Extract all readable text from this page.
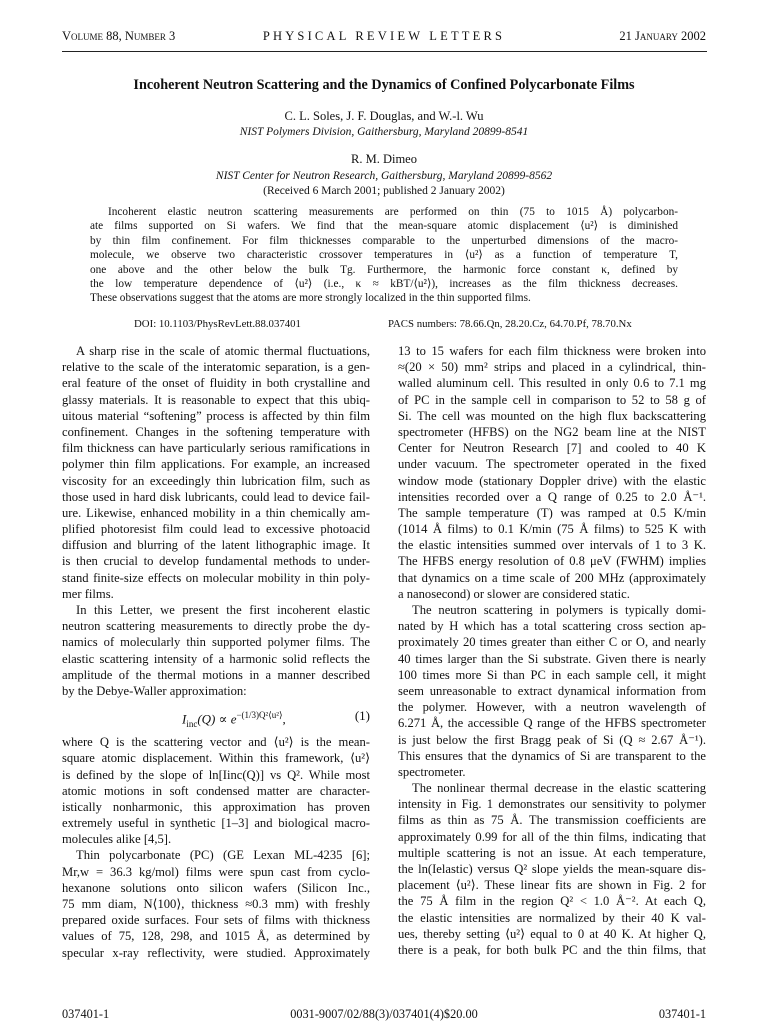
Volume 88, Number 3	PHYSICAL REVIEW LETTERS	21 January 2002
Incoherent Neutron Scattering and the Dynamics of Confined Polycarbonate Films
C. L. Soles, J. F. Douglas, and W.-l. Wu
NIST Polymers Division, Gaithersburg, Maryland 20899-8541
R. M. Dimeo
NIST Center for Neutron Research, Gaithersburg, Maryland 20899-8562
(Received 6 March 2001; published 2 January 2002)
Incoherent elastic neutron scattering measurements are performed on thin (75 to 1015 Å) polycarbon-
ate films supported on Si wafers. We find that the mean-square atomic displacement ⟨u²⟩ is diminished
by thin film confinement. For film thicknesses comparable to the unperturbed dimensions of the macro-
molecule, we observe two characteristic crossover temperatures in ⟨u²⟩ as a function of temperature T,
one above and the other below the bulk Tg. Furthermore, the harmonic force constant κ, defined by
the low temperature dependence of ⟨u²⟩ (i.e., κ ≈ kBT/⟨u²⟩), increases as the film thickness decreases.
These observations suggest that the atoms are more strongly localized in the thin supported films.
DOI: 10.1103/PhysRevLett.88.037401	PACS numbers: 78.66.Qn, 28.20.Cz, 64.70.Pf, 78.70.Nx
A sharp rise in the scale of atomic thermal fluctuations,
relative to the scale of the interatomic separation, is a gen-
eral feature of the onset of fluidity in both crystalline and
glassy materials. It is reasonable to expect that this ubiq-
uitous material “softening” process is affected by thin film
confinement. Changes in the softening temperature with
film thickness can have particularly serious ramifications in
polymer thin film applications. For example, an increased
viscosity for an exceedingly thin lubrication film, such as
those used in hard disk lubricants, could lead to device fail-
ure. Likewise, enhanced mobility in a thin chemically am-
plified photoresist film could lead to excessive photoacid
diffusion and blurring of the latent lithographic image. It
is then crucial to develop fundamental methods to under-
stand finite-size effects on molecular mobility in thin poly-
mer films.
In this Letter, we present the first incoherent elastic
neutron scattering measurements to directly probe the dy-
namics of molecularly thin supported polymer films. The
elastic scattering intensity of a harmonic solid reflects the
amplitude of the thermal motions in a manner described
by the Debye-Waller approximation:
$I_{inc}(Q) \propto e^{-(1/3)Q^2⟨u^2⟩}$,	(1)
where Q is the scattering vector and ⟨u²⟩ is the mean-
square atomic displacement. Within this framework, ⟨u²⟩
is defined by the slope of ln[Iinc(Q)] vs Q². While most
atomic motions in soft condensed matter are character-
istically nonharmonic, this approximation has proven
extremely useful in synthetic [1–3] and biological macro-
molecules alike [4,5].
Thin polycarbonate (PC) (GE Lexan ML-4235 [6];
Mr,w = 36.3 kg/mol) films were spun cast from cyclo-
hexanone solutions onto silicon wafers (Silicon Inc.,
75 mm diam, N⟨100⟩, thickness ≈0.3 mm) with freshly
prepared oxide surfaces. Four sets of films with thickness
values of 75, 128, 298, and 1015 Å, as determined by
specular x-ray reflectivity, were studied. Approximately
13 to 15 wafers for each film thickness were broken into
≈(20 × 50) mm² strips and placed in a cylindrical, thin-
walled aluminum cell. This resulted in only 0.6 to 7.1 mg
of PC in the sample cell in comparison to 52 to 58 g of
Si. The cell was mounted on the high flux backscattering
spectrometer (HFBS) on the NG2 beam line at the NIST
Center for Neutron Research [7] and cooled to 40 K
under vacuum. The spectrometer operated in the fixed
window mode (stationary Doppler drive) with the elastic
intensities recorded over a Q range of 0.25 to 2.0 Å⁻¹.
The sample temperature (T) was ramped at 0.5 K/min
(1014 Å films) to 0.1 K/min (75 Å films) to 525 K with
the elastic intensities summed over intervals of 1 to 3 K.
The HFBS energy resolution of 0.8 μeV (FWHM) implies
that dynamics on a time scale of 200 MHz (approximately
a nanosecond) or slower are considered static.
The neutron scattering in polymers is typically domi-
nated by H which has a total scattering cross section ap-
proximately 20 times greater than either C or O, and nearly
40 times larger than the Si substrate. Given there is nearly
100 times more Si than PC in each sample cell, it might
seem unreasonable to extract dynamical information from
the polymer. However, with a neutron wavelength of
6.271 Å, the accessible Q range of the HFBS spectrometer
is just below the first Bragg peak of Si (Q ≈ 2.67 Å⁻¹).
This ensures that the dynamics of Si are transparent to the
spectrometer.
The nonlinear thermal decrease in the elastic scattering
intensity in Fig. 1 demonstrates our sensitivity to polymer
films as thin as 75 Å. The transmission coefficients are
approximately 0.99 for all of the thin films, indicating that
multiple scattering is not an issue. At each temperature,
the ln(Ielastic) versus Q² slope yields the mean-square dis-
placement ⟨u²⟩. These linear fits are shown in Fig. 2 for
the 75 Å film in the region Q² < 1.0 Å⁻². At each Q,
the elastic intensities are normalized by their 40 K val-
ues, thereby setting ⟨u²⟩ equal to 0 at 40 K. At higher Q,
there is a peak, for both bulk PC and the thin films, that
037401-1	0031-9007/02/88(3)/037401(4)$20.00	037401-1
